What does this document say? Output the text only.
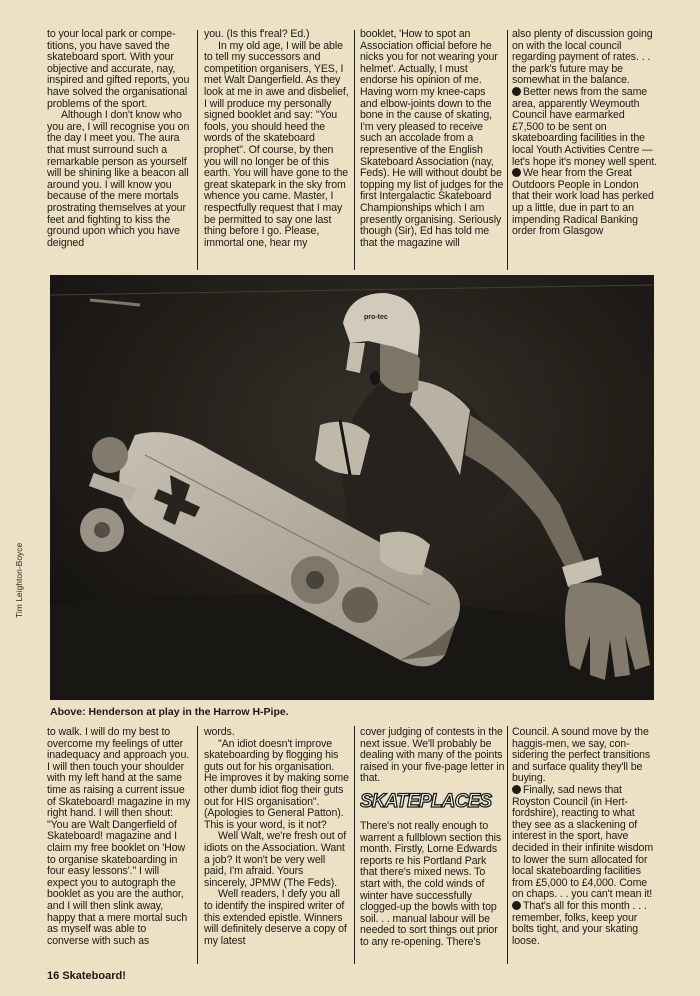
to your local park or competitions, you have saved the skateboard sport. With your objective and accurate, nay, inspired and gifted reports, you have solved the organisational problems of the sport.

Although I don't know who you are, I will recognise you on the day I meet you. The aura that must surround such a remarkable person as yourself will be shining like a beacon all around you. I will know you because of the mere mortals prostrating themselves at your feet and fighting to kiss the ground upon which you have deigned

you. (Is this f'real? Ed.)

In my old age, I will be able to tell my successors and competition organisers, YES, I met Walt Dangerfield. As they look at me in awe and disbelief, I will produce my personally signed booklet and say: "You fools, you should heed the words of the skateboard prophet". Of course, by then you will no longer be of this earth. You will have gone to the great skatepark in the sky from whence you came. Master, I respectfully request that I may be permitted to say one last thing before I go. Please, immortal one, hear my

booklet, 'How to spot an Association official before he nicks you for not wearing your helmet'. Actually, I must endorse his opinion of me. Having worn my knee-caps and elbow-joints down to the bone in the cause of skating, I'm very pleased to receive such an accolade from a representive of the English Skateboard Association (nay, Feds). He will without doubt be topping my list of judges for the first Intergalactic Skateboard Championships which I am presently organising. Seriously though (Sir), Ed has told me that the magazine will

also plenty of discussion going on with the local council regarding payment of rates. . . the park's future may be somewhat in the balance.

Better news from the same area, apparently Weymouth Council have earmarked £7,500 to be sent on skateboarding facilities in the local Youth Activities Centre — let's hope it's money well spent.

We hear from the Great Outdoors People in London that their work load has perked up a little, due in part to an impending Radical Banking order from Glasgow

pro-tec
Tim Leighton-Boyce
Above: Henderson at play in the Harrow H-Pipe.

to walk. I will do my best to overcome my feelings of utter inadequacy and approach you. I will then touch your shoulder with my left hand at the same time as raising a current issue of Skateboard! magazine in my right hand. I will then shout: "You are Walt Dangerfield of Skateboard! magazine and I claim my free booklet on 'How to organise skateboarding in four easy lessons'." I will expect you to autograph the booklet as you are the author, and I will then slink away, happy that a mere mortal such as myself was able to converse with such as

words.

"An idiot doesn't improve skateboarding by flogging his guts out for his organisation. He improves it by making some other dumb idiot flog their guts out for HIS organisation". (Apologies to General Patton). This is your word, is it not?

Well Walt, we're fresh out of idiots on the Association. Want a job? It won't be very well paid, I'm afraid. Yours sincerely, JPMW (The Feds).

Well readers, I defy you all to identify the inspired writer of this extended epistle. Winners will definitely deserve a copy of my latest

cover judging of contests in the next issue. We'll probably be dealing with many of the points raised in your five-page letter in that.

SKATEPLACES

There's not really enough to warrent a fullblown section this month. Firstly, Lorne Edwards reports re his Portland Park that there's mixed news. To start with, the cold winds of winter have successfully clogged-up the bowls with top soil. . . manual labour will be needed to sort things out prior to any re-opening. There's

Council. A sound move by the haggis-men, we say, considering the perfect transitions and surface quality they'll be buying.

Finally, sad news that Royston Council (in Hertfordshire), reacting to what they see as a slackening of interest in the sport, have decided in their infinite wisdom to lower the sum allocated for local skateboarding facilities from £5,000 to £4,000. Come on chaps. . . you can't mean it!

That's all for this month . . . remember, folks, keep your bolts tight, and your skating loose.

16 Skateboard!
